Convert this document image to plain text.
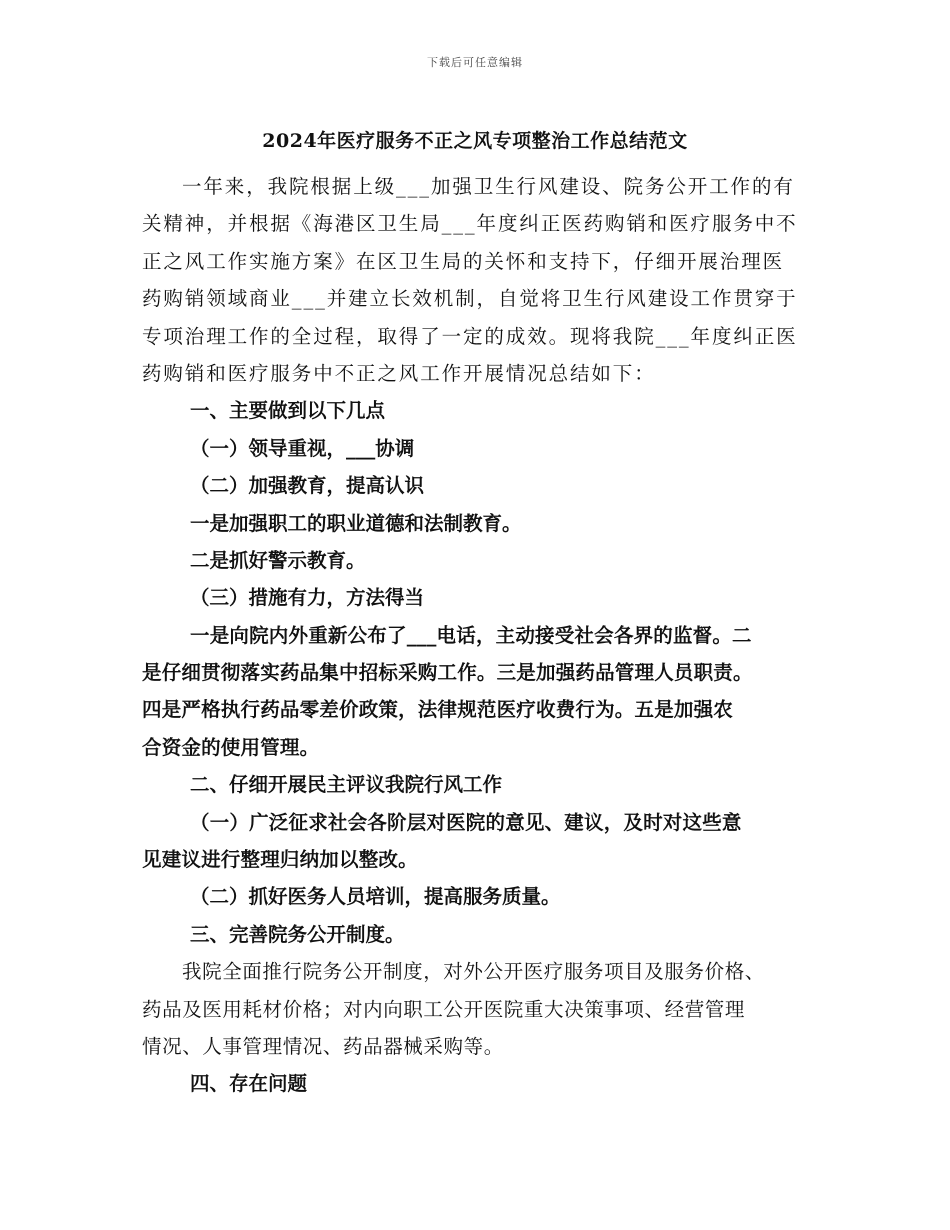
下载后可任意编辑
2024年医疗服务不正之风专项整治工作总结范文
一年来，我院根据上级___加强卫生行风建设、院务公开工作的有
关精神，并根据《海港区卫生局___年度纠正医药购销和医疗服务中不
正之风工作实施方案》在区卫生局的关怀和支持下，仔细开展治理医
药购销领域商业___并建立长效机制，自觉将卫生行风建设工作贯穿于
专项治理工作的全过程，取得了一定的成效。现将我院___年度纠正医
药购销和医疗服务中不正之风工作开展情况总结如下：
一、主要做到以下几点
（一）领导重视，___协调
（二）加强教育，提高认识
一是加强职工的职业道德和法制教育。
二是抓好警示教育。
（三）措施有力，方法得当
一是向院内外重新公布了___电话，主动接受社会各界的监督。二
是仔细贯彻落实药品集中招标采购工作。三是加强药品管理人员职责。
四是严格执行药品零差价政策，法律规范医疗收费行为。五是加强农
合资金的使用管理。
二、仔细开展民主评议我院行风工作
（一）广泛征求社会各阶层对医院的意见、建议，及时对这些意
见建议进行整理归纳加以整改。
（二）抓好医务人员培训，提高服务质量。
三、完善院务公开制度。
我院全面推行院务公开制度，对外公开医疗服务项目及服务价格、
药品及医用耗材价格；对内向职工公开医院重大决策事项、经营管理
情况、人事管理情况、药品器械采购等。
四、存在问题
